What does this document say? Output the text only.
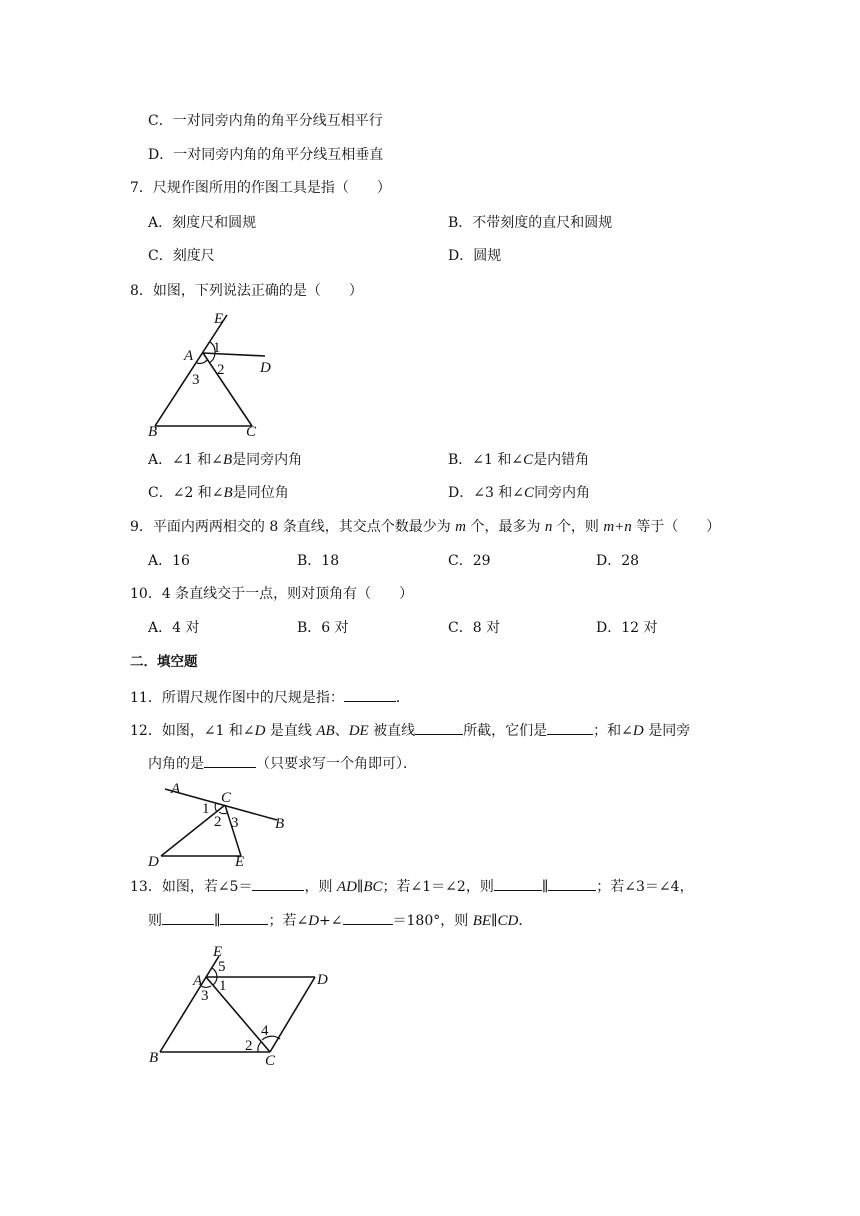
C．一对同旁内角的角平分线互相平行
D．一对同旁内角的角平分线互相垂直
7．尺规作图所用的作图工具是指（　　）
A．刻度尺和圆规	B．不带刻度的直尺和圆规
C．刻度尺	D．圆规
8．如图，下列说法正确的是（　　）
E
A
D
B	C
1
2
3
A．∠1 和∠B是同旁内角	B．∠1 和∠C是内错角
C．∠2 和∠B是同位角	D．∠3 和∠C同旁内角
9．平面内两两相交的 8 条直线，其交点个数最少为 m 个，最多为 n 个，则 m+n 等于（　　）
A．16	B．18	C．29	D．28
10．4 条直线交于一点，则对顶角有（　　）
A．4 对	B．6 对	C．8 对	D．12 对
二．填空题
11．所谓尺规作图中的尺规是指：	．
12．如图，∠1 和∠D 是直线 AB、DE 被直线	所截，它们是	；和∠D 是同旁
内角的是	（只要求写一个角即可）．
A
C
B
D	E
1
2 3
13．如图，若∠5＝	，则 AD∥BC；若∠1＝∠2，则	∥	；若∠3＝∠4，
则	∥	；若∠D+∠	＝180°，则 BE∥CD．
E
A	D
B	C
1
2
3
4
5
